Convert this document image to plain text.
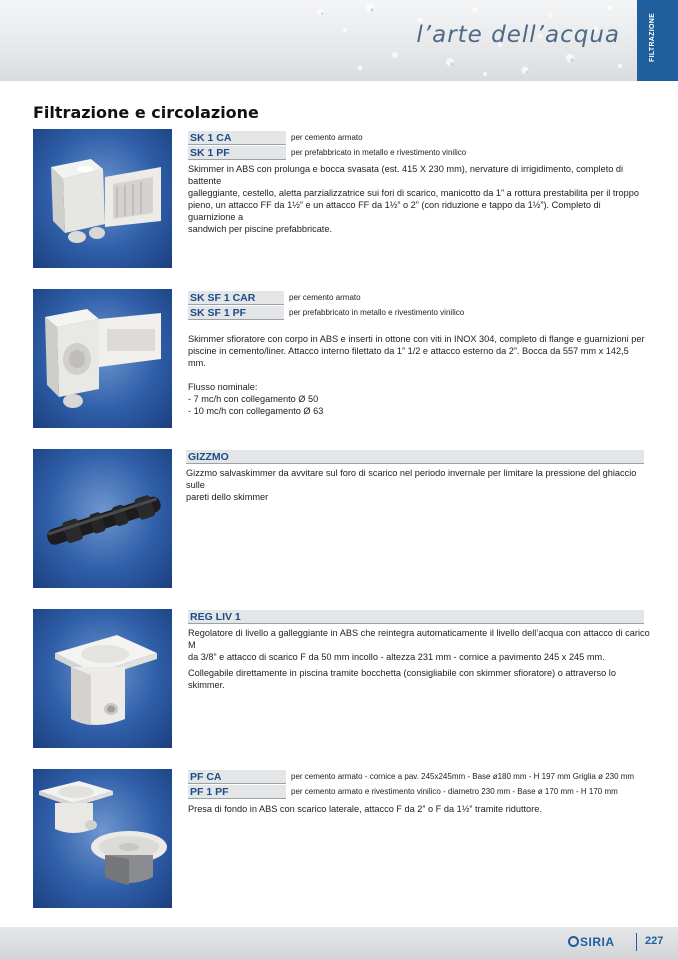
l’arte dell’acqua	FILTRAZIONE
Filtrazione e circolazione
SK 1 CA	per cemento armato
SK 1 PF	per prefabbricato in metallo e rivestimento vinilico
Skimmer in ABS con prolunga e bocca svasata (est. 415 X 230 mm), nervature di irrigidimento, completo di battente
galleggiante, cestello, aletta parzializzatrice sui fori di scarico, manicotto da 1” a rottura prestabilita per il troppo
pieno, un attacco FF da 1½” e un attacco FF da 1½” o 2” (con riduzione e tappo da 1½”). Completo di guarnizione a
sandwich per piscine prefabbricate.
SK SF 1 CAR	per cemento armato
SK SF 1 PF	per prefabbricato in metallo e rivestimento vinilico
Skimmer sfioratore con corpo in ABS e inserti in ottone con viti in INOX 304, completo di flange e guarnizioni per
piscine in cemento/liner. Attacco interno filettato da 1” 1/2 e attacco esterno da 2”. Bocca da 557 mm x 142,5 mm.
Flusso nominale:
- 7 mc/h con collegamento Ø 50
- 10 mc/h con collegamento Ø 63
GIZZMO
Gizzmo salvaskimmer da avvitare sul foro di scarico nel periodo invernale per limitare la pressione del ghiaccio sulle
pareti dello skimmer
REG LIV 1
Regolatore di livello a galleggiante in ABS che reintegra automaticamente il livello dell’acqua con attacco di carico M
da 3/8” e attacco di scarico F da 50 mm incollo - altezza 231 mm - cornice a pavimento 245 x 245 mm.
Collegabile direttamente in piscina tramite bocchetta (consigliabile con skimmer sfioratore) o attraverso lo skimmer.
PF CA	per cemento armato - cornice a pav. 245x245mm - Base ø180 mm - H 197 mm Griglia ø 230 mm
PF 1 PF	per cemento armato e rivestimento vinilico - diametro 230 mm - Base ø 170 mm - H 170 mm
Presa di fondo in ABS con scarico laterale, attacco F da 2” o F da 1½” tramite riduttore.
SIRIA	227
